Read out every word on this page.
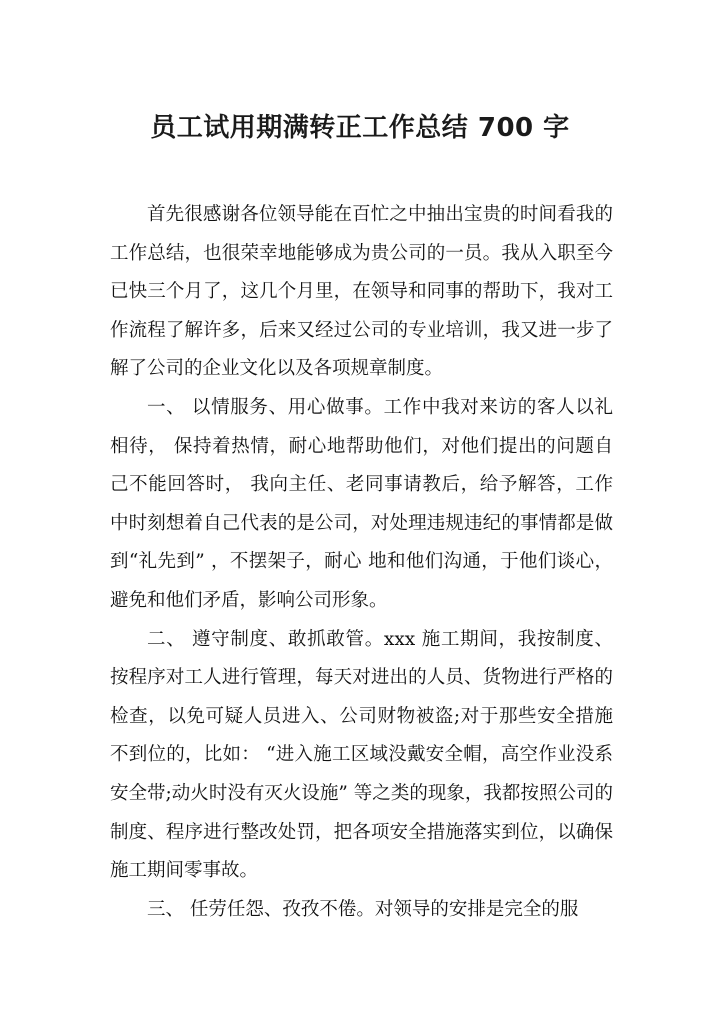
员工试用期满转正工作总结 700 字

首先很感谢各位领导能在百忙之中抽出宝贵的时间看我的工作总结，也很荣幸地能够成为贵公司的一员。我从入职至今已快三个月了，这几个月里，在领导和同事的帮助下，我对工作流程了解许多，后来又经过公司的专业培训，我又进一步了解了公司的企业文化以及各项规章制度。

一、 以情服务、用心做事。工作中我对来访的客人以礼相待， 保持着热情，耐心地帮助他们，对他们提出的问题自己不能回答时， 我向主任、老同事请教后，给予解答，工作中时刻想着自己代表的是公司，对处理违规违纪的事情都是做到“礼先到” ，不摆架子，耐心 地和他们沟通，于他们谈心，避免和他们矛盾，影响公司形象。

二、 遵守制度、敢抓敢管。xxx 施工期间，我按制度、按程序对工人进行管理，每天对进出的人员、货物进行严格的检查，以免可疑人员进入、公司财物被盗;对于那些安全措施不到位的，比如： “进入施工区域没戴安全帽，高空作业没系安全带;动火时没有灭火设施” 等之类的现象，我都按照公司的制度、程序进行整改处罚，把各项安全措施落实到位，以确保施工期间零事故。

三、 任劳任怨、孜孜不倦。对领导的安排是完全的服
